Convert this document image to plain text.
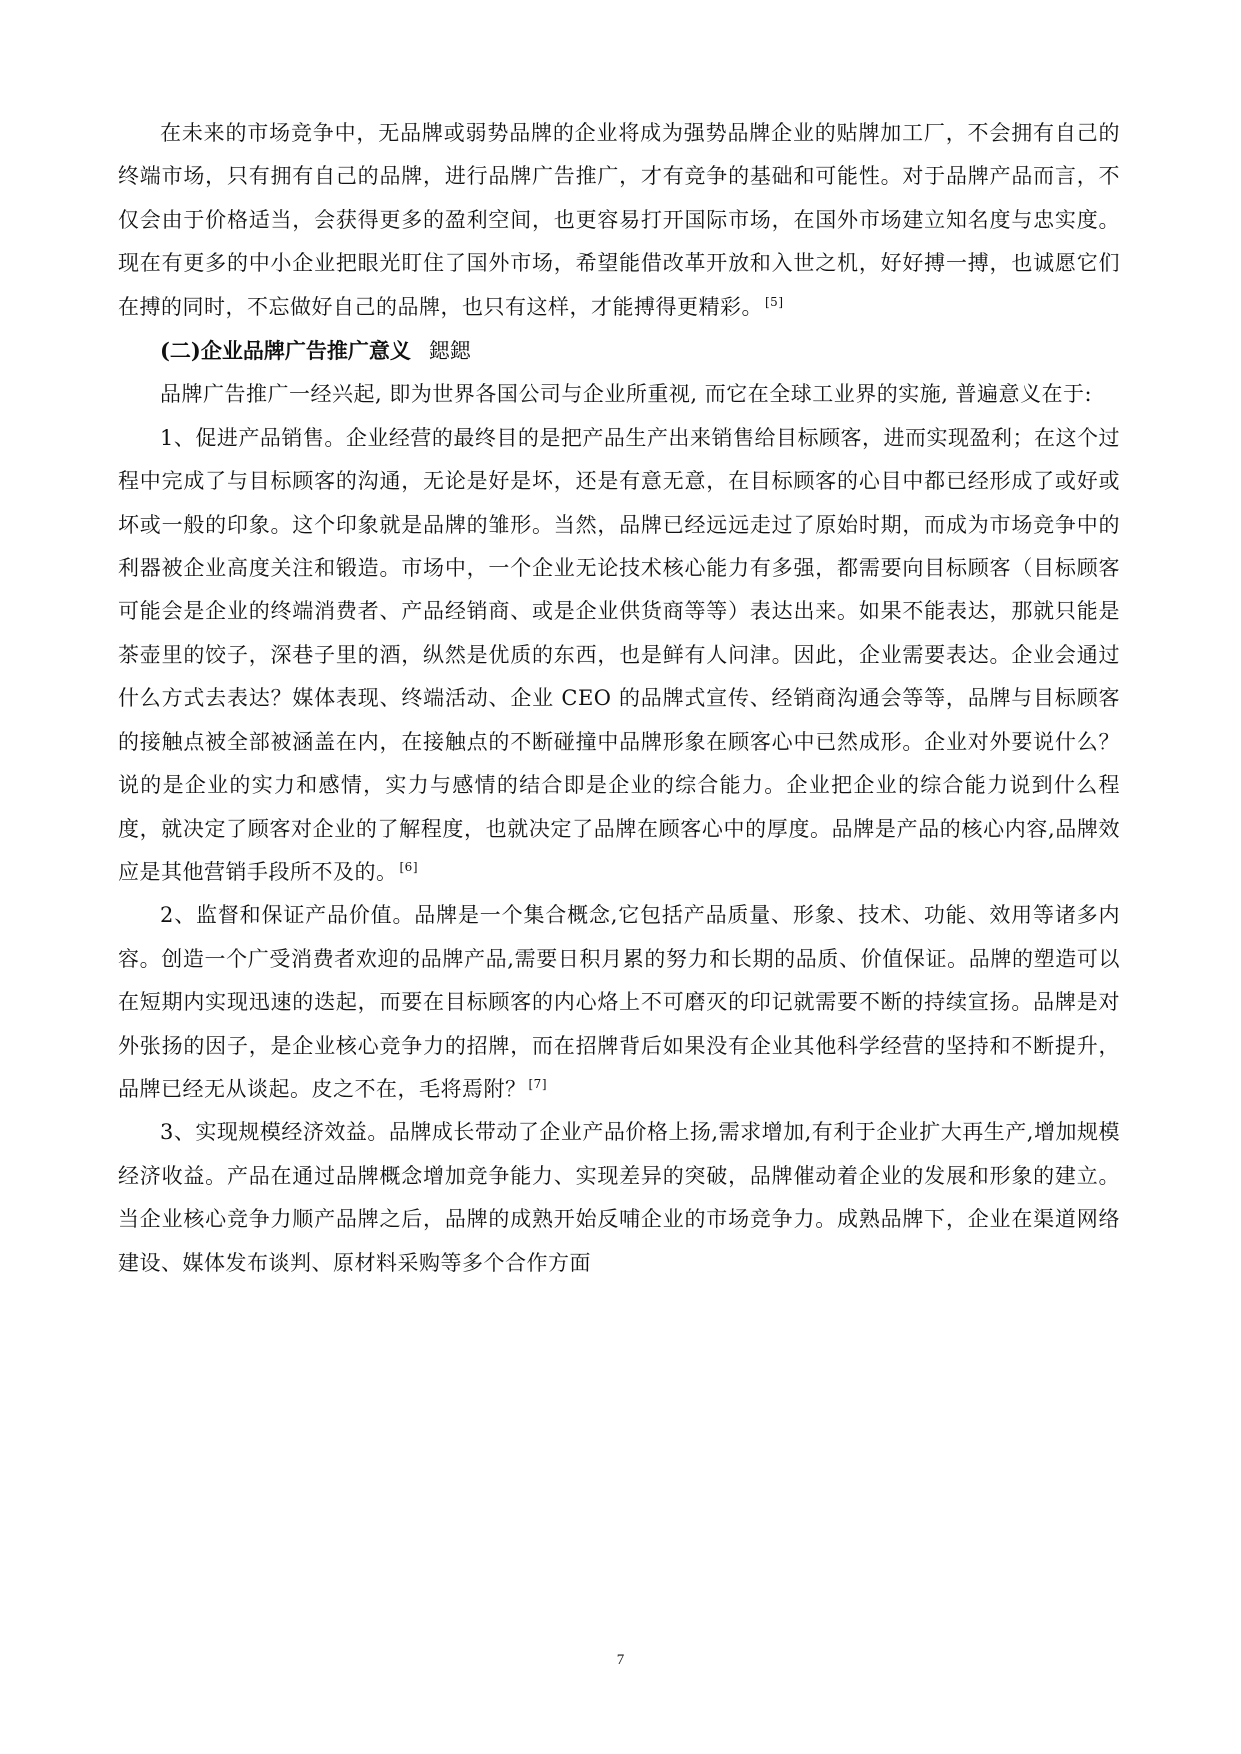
在未来的市场竞争中，无品牌或弱势品牌的企业将成为强势品牌企业的贴牌加工厂，不会拥有自己的终端市场，只有拥有自己的品牌，进行品牌广告推广，才有竞争的基础和可能性。对于品牌产品而言，不仅会由于价格适当，会获得更多的盈利空间，也更容易打开国际市场，在国外市场建立知名度与忠实度。现在有更多的中小企业把眼光盯住了国外市场，希望能借改革开放和入世之机，好好搏一搏，也诚愿它们在搏的同时，不忘做好自己的品牌，也只有这样，才能搏得更精彩。 [5]

(二)企业品牌广告推广意义 鍶鍶

品牌广告推广一经兴起, 即为世界各国公司与企业所重视, 而它在全球工业界的实施, 普遍意义在于:

1、促进产品销售。企业经营的最终目的是把产品生产出来销售给目标顾客，进而实现盈利；在这个过程中完成了与目标顾客的沟通，无论是好是坏，还是有意无意，在目标顾客的心目中都已经形成了或好或坏或一般的印象。这个印象就是品牌的雏形。当然，品牌已经远远走过了原始时期，而成为市场竞争中的利器被企业高度关注和锻造。市场中，一个企业无论技术核心能力有多强，都需要向目标顾客（目标顾客可能会是企业的终端消费者、产品经销商、或是企业供货商等等）表达出来。如果不能表达，那就只能是茶壶里的饺子，深巷子里的酒，纵然是优质的东西，也是鲜有人问津。因此，企业需要表达。企业会通过什么方式去表达？媒体表现、终端活动、企业 CEO 的品牌式宣传、经销商沟通会等等，品牌与目标顾客的接触点被全部被涵盖在内，在接触点的不断碰撞中品牌形象在顾客心中已然成形。企业对外要说什么？说的是企业的实力和感情，实力与感情的结合即是企业的综合能力。企业把企业的综合能力说到什么程度，就决定了顾客对企业的了解程度，也就决定了品牌在顾客心中的厚度。品牌是产品的核心内容,品牌效应是其他营销手段所不及的。 [6]

2、监督和保证产品价值。品牌是一个集合概念,它包括产品质量、形象、技术、功能、效用等诸多内容。创造一个广受消费者欢迎的品牌产品,需要日积月累的努力和长期的品质、价值保证。品牌的塑造可以在短期内实现迅速的迭起，而要在目标顾客的内心烙上不可磨灭的印记就需要不断的持续宣扬。品牌是对外张扬的因子，是企业核心竞争力的招牌，而在招牌背后如果没有企业其他科学经营的坚持和不断提升，品牌已经无从谈起。皮之不在，毛将焉附？ [7]

3、实现规模经济效益。品牌成长带动了企业产品价格上扬,需求增加,有利于企业扩大再生产,增加规模经济收益。产品在通过品牌概念增加竞争能力、实现差异的突破，品牌催动着企业的发展和形象的建立。当企业核心竞争力顺产品牌之后，品牌的成熟开始反哺企业的市场竞争力。成熟品牌下，企业在渠道网络建设、媒体发布谈判、原材料采购等多个合作方面

7
